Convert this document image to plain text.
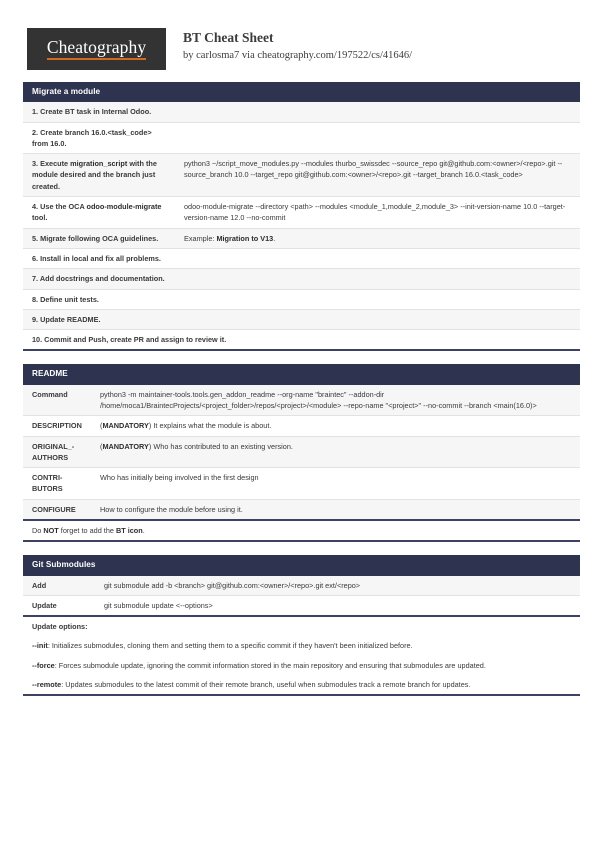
Cheatography	BT Cheat Sheet
by carlosma7 via cheatography.com/197522/cs/41646/
Migrate a module
1. Create BT task in Internal Odoo.	
2. Create branch 16.0.<task_code> from 16.0.	
3. Execute migration_script with the module desired and the branch just created.	python3 ~/script_move_modules.py --modules thurbo_swissdec --source_repo git@github.com:<owner>/<repo>.git --source_branch 10.0 --target_repo git@github.com:<owner>/<repo>.git --target_branch 16.0.<task_code>
4. Use the OCA odoo-module-migrate tool.	odoo-module-migrate --directory <path> --modules <module_1,module_2,module_3> --init-version-name 10.0 --target-version-name 12.0 --no-commit
5. Migrate following OCA guidelines.	Example: Migration to V13.
6. Install in local and fix all problems.	
7. Add docstrings and documentation.	
8. Define unit tests.	
9. Update README.	
10. Commit and Push, create PR and assign to review it.	
README
Command	python3 -m maintainer-tools.tools.gen_addon_readme --org-name "braintec" --addon-dir /home/moca1/BraintecProjects/<project_folder>/repos/<project>/<module> --repo-name "<project>" --no-commit --branch <main(16.0)>
DESCRIPTION	(MANDATORY) It explains what the module is about.
ORIGINAL_AUTHORS	(MANDATORY) Who has contributed to an existing version.
CONTRIBUTORS	Who has initially being involved in the first design
CONFIGURE	How to configure the module before using it.
Do NOT forget to add the BT icon.
Git Submodules
Add	git submodule add -b <branch> git@github.com:<owner>/<repo>.git ext/<repo>
Update	git submodule update <--options>
Update options:
--init: Initializes submodules, cloning them and setting them to a specific commit if they haven't been initialized before.
--force: Forces submodule update, ignoring the commit information stored in the main repository and ensuring that submodules are updated.
--remote: Updates submodules to the latest commit of their remote branch, useful when submodules track a remote branch for updates.
